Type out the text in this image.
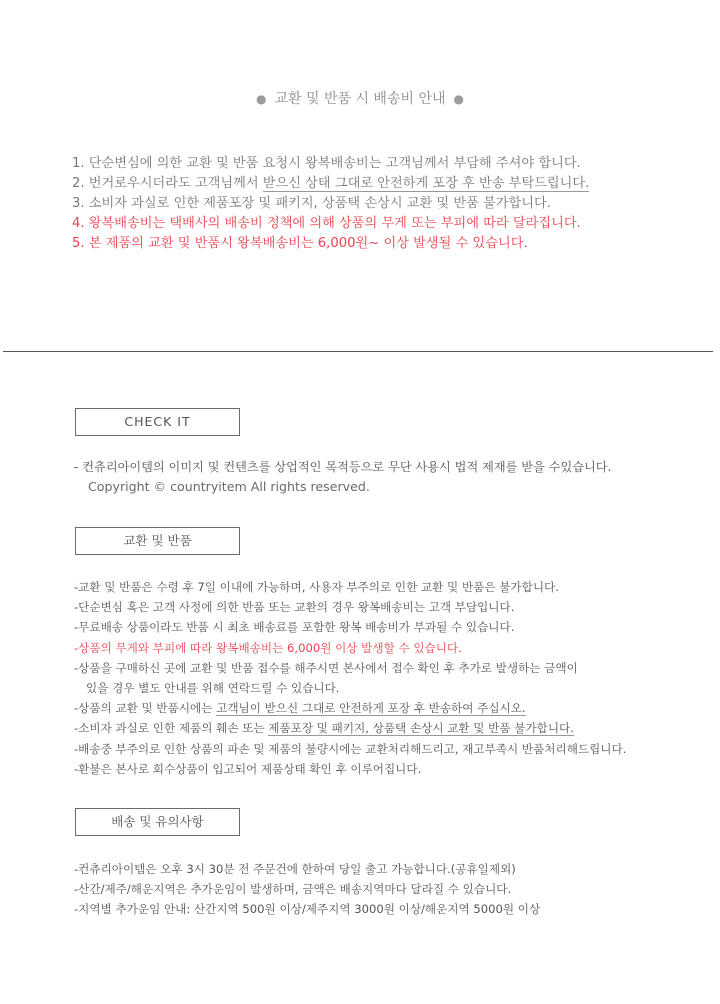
● 교환 및 반품 시 배송비 안내 ●
1. 단순변심에 의한 교환 및 반품 요청시 왕복배송비는 고객님께서 부담해 주셔야 합니다.
2. 번거로우시더라도 고객님께서 받으신 상태 그대로 안전하게 포장 후 반송 부탁드립니다.
3. 소비자 과실로 인한 제품포장 및 패키지, 상품택 손상시 교환 및 반품 불가합니다.
4. 왕복배송비는 택배사의 배송비 정책에 의해 상품의 무게 또는 부피에 따라 달라집니다.
5. 본 제품의 교환 및 반품시 왕복배송비는 6,000원~ 이상 발생될 수 있습니다.
CHECK IT
- 컨츄리아이템의 이미지 및 컨텐츠를 상업적인 목적등으로 무단 사용시 법적 제재를 받을 수있습니다.
Copyright © countryitem All rights reserved.
교환 및 반품
-교환 및 반품은 수령 후 7일 이내에 가능하며, 사용자 부주의로 인한 교환 및 반품은 불가합니다.
-단순변심 혹은 고객 사정에 의한 반품 또는 교환의 경우 왕복배송비는 고객 부담입니다.
-무료배송 상품이라도 반품 시 최초 배송료를 포함한 왕복 배송비가 부과될 수 있습니다.
-상품의 무게와 부피에 따라 왕복배송비는 6,000원 이상 발생할 수 있습니다.
-상품을 구매하신 곳에 교환 및 반품 접수를 해주시면 본사에서 접수 확인 후 추가로 발생하는 금액이
있을 경우 별도 안내를 위해 연락드릴 수 있습니다.
-상품의 교환 및 반품시에는 고객님이 받으신 그대로 안전하게 포장 후 반송하여 주십시오.
-소비자 과실로 인한 제품의 훼손 또는 제품포장 및 패키지, 상품택 손상시 교환 및 반품 불가합니다.
-배송중 부주의로 인한 상품의 파손 및 제품의 불량시에는 교환처리해드리고, 재고부족시 반품처리해드립니다.
-환불은 본사로 회수상품이 입고되어 제품상태 확인 후 이루어집니다.
배송 및 유의사항
-컨츄리아이템은 오후 3시 30분 전 주문건에 한하여 당일 출고 가능합니다.(공휴일제외)
-산간/제주/해운지역은 추가운임이 발생하며, 금액은 배송지역마다 달라질 수 있습니다.
-지역별 추가운임 안내: 산간지역 500원 이상/제주지역 3000원 이상/해운지역 5000원 이상
